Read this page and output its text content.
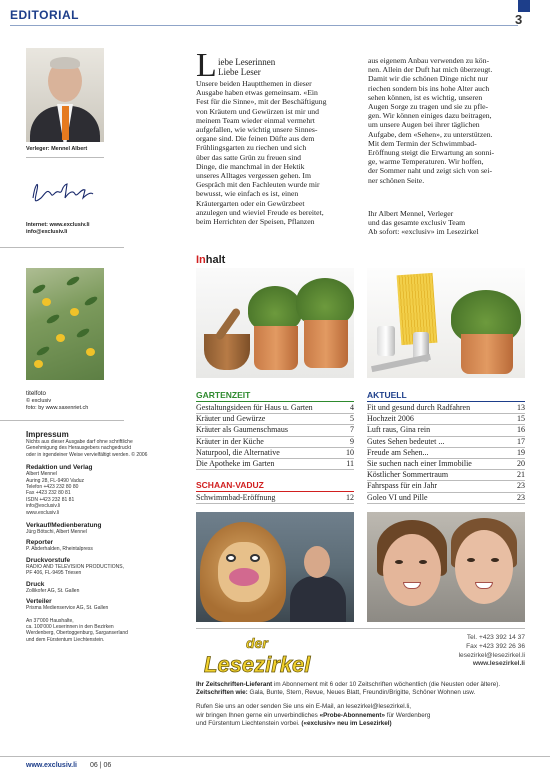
EDITORIAL	3
Verleger: Mennel Albert
Internet: www.exclusiv.li
info@exclusiv.li
titelfoto
© exclusiv
foto: by www.saxenriet.ch
Impressum
Nichts aus dieser Ausgabe darf ohne schriftliche
Genehmigung des Herausgebers nachgedruckt
oder in irgendeiner Weise vervielfältigt werden. © 2006
Redaktion und Verlag
Albert Mennel
Auring 28, FL-9490 Vaduz
Telefon +423 232 80 80
Fax +423 232 80 81
ISDN +423 232 81 81
info@exclusiv.li
www.exclusiv.li
Verkauf/Medienberatung
Jürg Bötschi, Albert Mennel
Reporter
P. Abderhalden, Rheintalpress
Druckvorstufe
RADIO AND TELEVISION PRODUCTIONS,
PF 406, FL-9495 Triesen
Druck
Zollikofer AG, St. Gallen
Verteiler
Prisma Medienservice AG, St. Gallen
An 37'000 Haushalte,
ca. 100'000 Leserinnen in den Bezirken
Werdenberg, Obertoggenburg, Sarganserland
und dem Fürstentum Liechtenstein.
www.exclusiv.li 06 | 06
L iebe Leserinnen
Liebe Leser
Unsere beiden Hauptthemen in dieser
Ausgabe haben etwas gemeinsam. «Ein
Fest für die Sinne», mit der Beschäftigung
von Kräutern und Gewürzen ist mir und
meinem Team wieder einmal vermehrt
aufgefallen, wie wichtig unsere Sinnes-
organe sind. Die feinen Düfte aus dem
Frühlingsgarten zu riechen und sich
über das satte Grün zu freuen sind
Dinge, die manchmal in der Hektik
unseres Alltages vergessen gehen. Im
Gespräch mit den Fachleuten wurde mir
bewusst, wie einfach es ist, einen
Kräutergarten oder ein Gewürzbeet
anzulegen und wieviel Freude es bereitet,
beim Herrichten der Speisen, Pflanzen
aus eigenem Anbau verwenden zu kön-
nen. Allein der Duft hat mich überzeugt.
Damit wir die schönen Dinge nicht nur
riechen sondern bis ins hohe Alter auch
sehen können, ist es wichtig, unseren
Augen Sorge zu tragen und sie zu pfle-
gen. Wir können einiges dazu beitragen,
um unsere Augen bei ihrer täglichen
Aufgabe, dem «Sehen», zu unterstützen.
Mit dem Termin der Schwimmbad-
Eröffnung steigt die Erwartung an sonni-
ge, warme Temperaturen. Wir hoffen,
der Sommer naht und zeigt sich von sei-
ner schönen Seite.
Ihr Albert Mennel, Verleger
und das gesamte exclusiv Team
Ab sofort: «exclusiv» im Lesezirkel
Inhalt
GARTENZEIT
Gestaltungsideen für Haus u. Garten	4
Kräuter und Gewürze	5
Kräuter als Gaumenschmaus	7
Kräuter in der Küche	9
Naturpool, die Alternative	10
Die Apotheke im Garten	11
SCHAAN-VADUZ
Schwimmbad-Eröffnung	12
AKTUELL
Fit und gesund durch Radfahren	13
Hochzeit 2006	15
Luft raus, Gina rein	16
Gutes Sehen bedeutet ...	17
Freude am Sehen...	19
Sie suchen nach einer Immobilie	20
Köstlicher Sommertraum	21
Fahrspass für ein Jahr	23
Goleo VI und Pille	23
der
Lesezirkel
Tel. +423 392 14 37
Fax +423 392 26 36
lesezirkel@lesezirkel.li
www.lesezirkel.li
Ihr Zeitschriften-Lieferant im Abonnement mit 6 oder 10 Zeitschriften wöchentlich (die Neusten oder ältere).
Zeitschriften wie: Gala, Bunte, Stern, Revue, Neues Blatt, Freundin/Brigitte, Schöner Wohnen usw.
Rufen Sie uns an oder senden Sie uns ein E-Mail, an lesezirkel@lesezirkel.li,
wir bringen Ihnen gerne ein unverbindliches «Probe-Abonnement» für Werdenberg
und Fürstentum Liechtenstein vorbei. («exclusiv» neu im Lesezirkel)
